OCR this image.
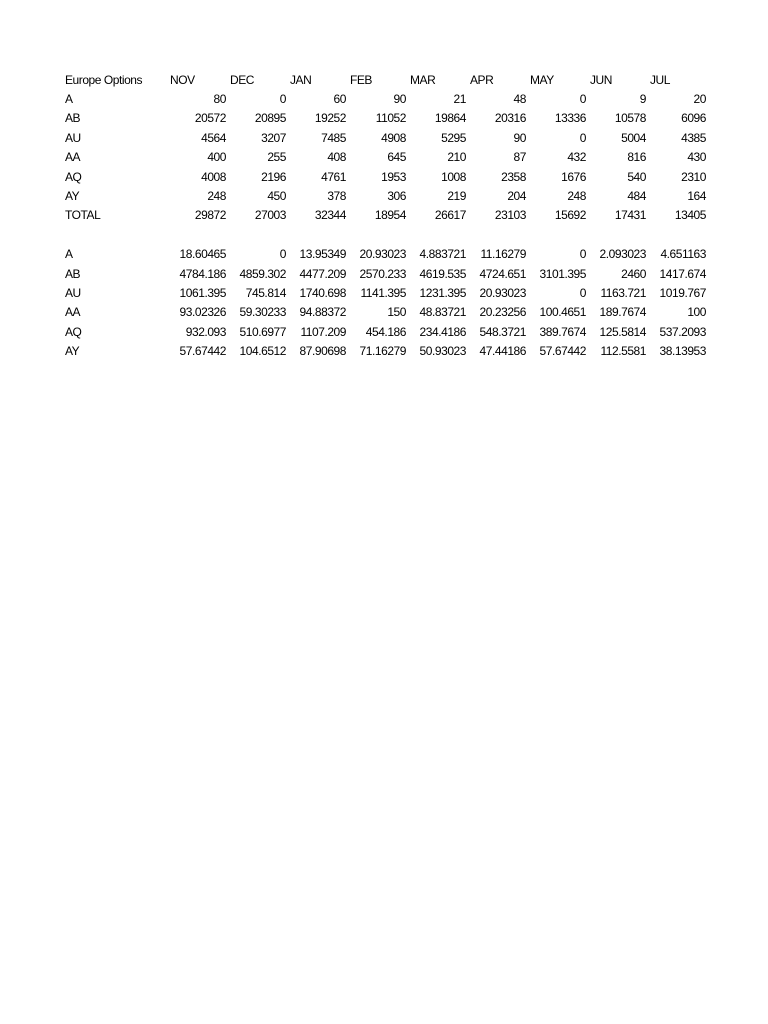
Europe Options	NOV	DEC	JAN	FEB	MAR	APR	MAY	JUN	JUL
A	80	0	60	90	21	48	0	9	20
AB	20572	20895	19252	11052	19864	20316	13336	10578	6096
AU	4564	3207	7485	4908	5295	90	0	5004	4385
AA	400	255	408	645	210	87	432	816	430
AQ	4008	2196	4761	1953	1008	2358	1676	540	2310
AY	248	450	378	306	219	204	248	484	164
TOTAL	29872	27003	32344	18954	26617	23103	15692	17431	13405

A	18.60465	0	13.95349	20.93023	4.883721	11.16279	0	2.093023	4.651163
AB	4784.186	4859.302	4477.209	2570.233	4619.535	4724.651	3101.395	2460	1417.674
AU	1061.395	745.814	1740.698	1141.395	1231.395	20.93023	0	1163.721	1019.767
AA	93.02326	59.30233	94.88372	150	48.83721	20.23256	100.4651	189.7674	100
AQ	932.093	510.6977	1107.209	454.186	234.4186	548.3721	389.7674	125.5814	537.2093
AY	57.67442	104.6512	87.90698	71.16279	50.93023	47.44186	57.67442	112.5581	38.13953
